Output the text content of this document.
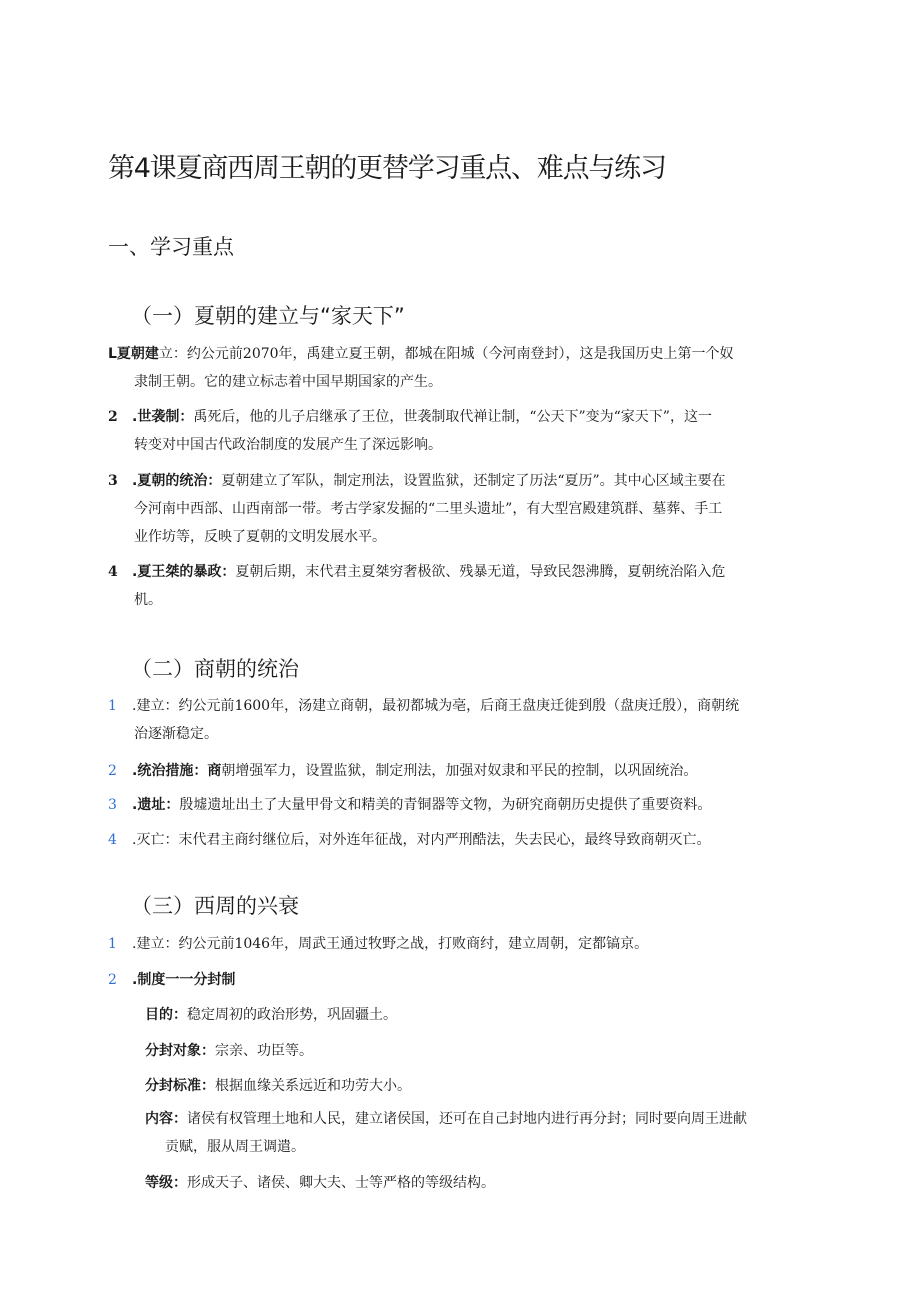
第4课夏商西周王朝的更替学习重点、难点与练习
一、学习重点
（一）夏朝的建立与“家天下”
L夏朝建立：约公元前2070年，禹建立夏王朝，都城在阳城（今河南登封），这是我国历史上第一个奴
隶制王朝。它的建立标志着中国早期国家的产生。
2 .世袭制：禹死后，他的儿子启继承了王位，世袭制取代禅让制，“公天下”变为“家天下”，这一
转变对中国古代政治制度的发展产生了深远影响。
3 .夏朝的统治：夏朝建立了军队，制定刑法，设置监狱，还制定了历法“夏历”。其中心区域主要在
今河南中西部、山西南部一带。考古学家发掘的“二里头遗址”，有大型宫殿建筑群、墓葬、手工
业作坊等，反映了夏朝的文明发展水平。
4 .夏王桀的暴政：夏朝后期，末代君主夏桀穷奢极欲、残暴无道，导致民怨沸腾，夏朝统治陷入危
机。
（二）商朝的统治
1 .建立：约公元前1600年，汤建立商朝，最初都城为亳，后商王盘庚迁徙到殷（盘庚迁殷），商朝统
治逐渐稳定。
2 .统治措施：商朝增强军力，设置监狱，制定刑法，加强对奴隶和平民的控制，以巩固统治。
3 .遗址：殷墟遗址出土了大量甲骨文和精美的青铜器等文物，为研究商朝历史提供了重要资料。
4 .灭亡：末代君主商纣继位后，对外连年征战，对内严刑酷法，失去民心，最终导致商朝灭亡。
（三）西周的兴衰
1 .建立：约公元前1046年，周武王通过牧野之战，打败商纣，建立周朝，定都镐京。
2 .制度一一分封制
目的：稳定周初的政治形势，巩固疆土。
分封对象：宗亲、功臣等。
分封标准：根据血缘关系远近和功劳大小。
内容：诸侯有权管理土地和人民，建立诸侯国，还可在自己封地内进行再分封；同时要向周王进献
贡赋，服从周王调遣。
等级：形成天子、诸侯、卿大夫、士等严格的等级结构。
